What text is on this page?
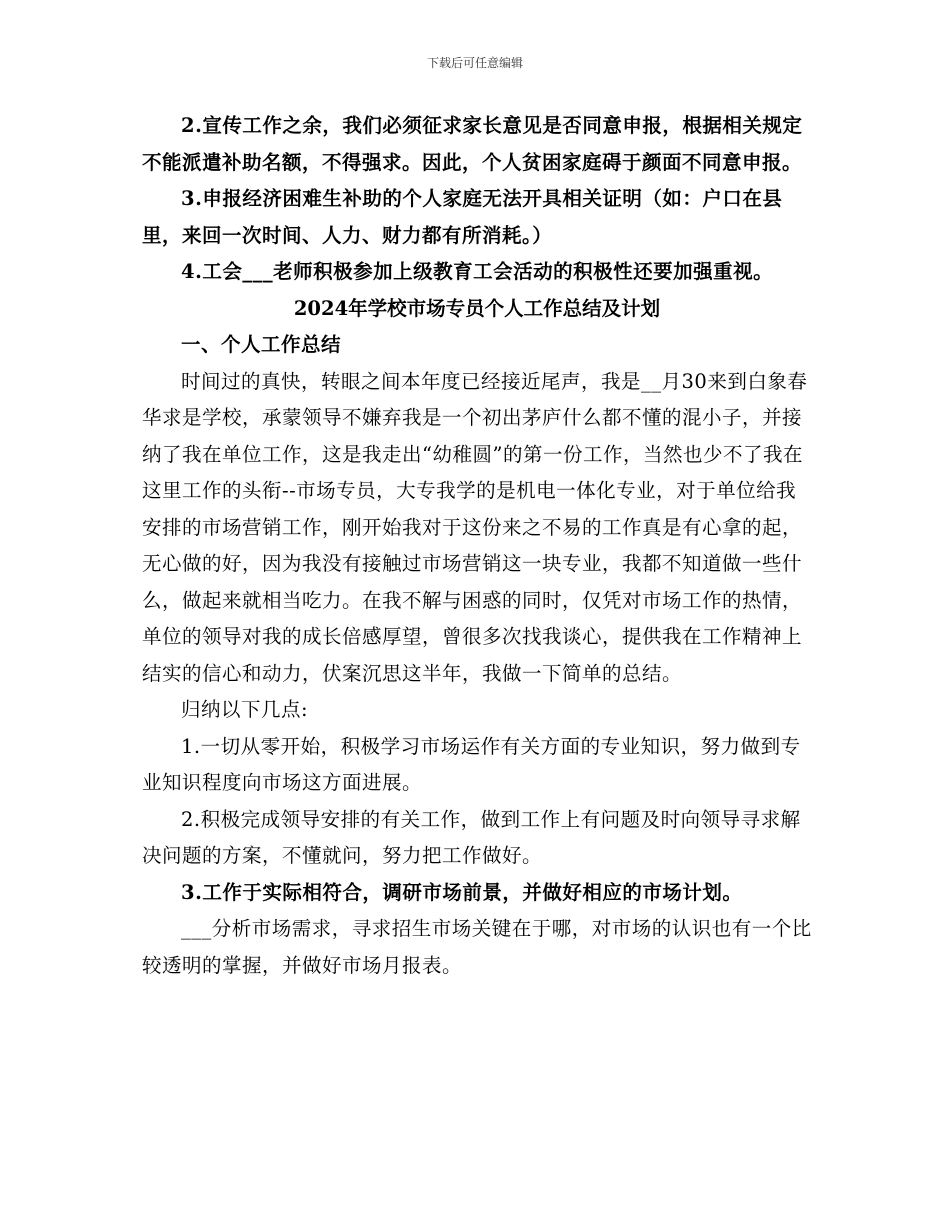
下载后可任意编辑

2.宣传工作之余，我们必须征求家长意见是否同意申报，根据相关规定不能派遣补助名额，不得强求。因此，个人贫困家庭碍于颜面不同意申报。

3.申报经济困难生补助的个人家庭无法开具相关证明（如：户口在县里，来回一次时间、人力、财力都有所消耗。）

4.工会___老师积极参加上级教育工会活动的积极性还要加强重视。

2024年学校市场专员个人工作总结及计划

一、个人工作总结

时间过的真快，转眼之间本年度已经接近尾声，我是__月30来到白象春华求是学校，承蒙领导不嫌弃我是一个初出茅庐什么都不懂的混小子，并接纳了我在单位工作，这是我走出“幼稚圆”的第一份工作，当然也少不了我在这里工作的头衔--市场专员，大专我学的是机电一体化专业，对于单位给我安排的市场营销工作，刚开始我对于这份来之不易的工作真是有心拿的起，无心做的好，因为我没有接触过市场营销这一块专业，我都不知道做一些什么，做起来就相当吃力。在我不解与困惑的同时，仅凭对市场工作的热情，单位的领导对我的成长倍感厚望，曾很多次找我谈心，提供我在工作精神上结实的信心和动力，伏案沉思这半年，我做一下简单的总结。

归纳以下几点:

1.一切从零开始，积极学习市场运作有关方面的专业知识，努力做到专业知识程度向市场这方面进展。

2.积极完成领导安排的有关工作，做到工作上有问题及时向领导寻求解决问题的方案，不懂就问，努力把工作做好。

3.工作于实际相符合，调研市场前景，并做好相应的市场计划。

___分析市场需求，寻求招生市场关键在于哪，对市场的认识也有一个比较透明的掌握，并做好市场月报表。
